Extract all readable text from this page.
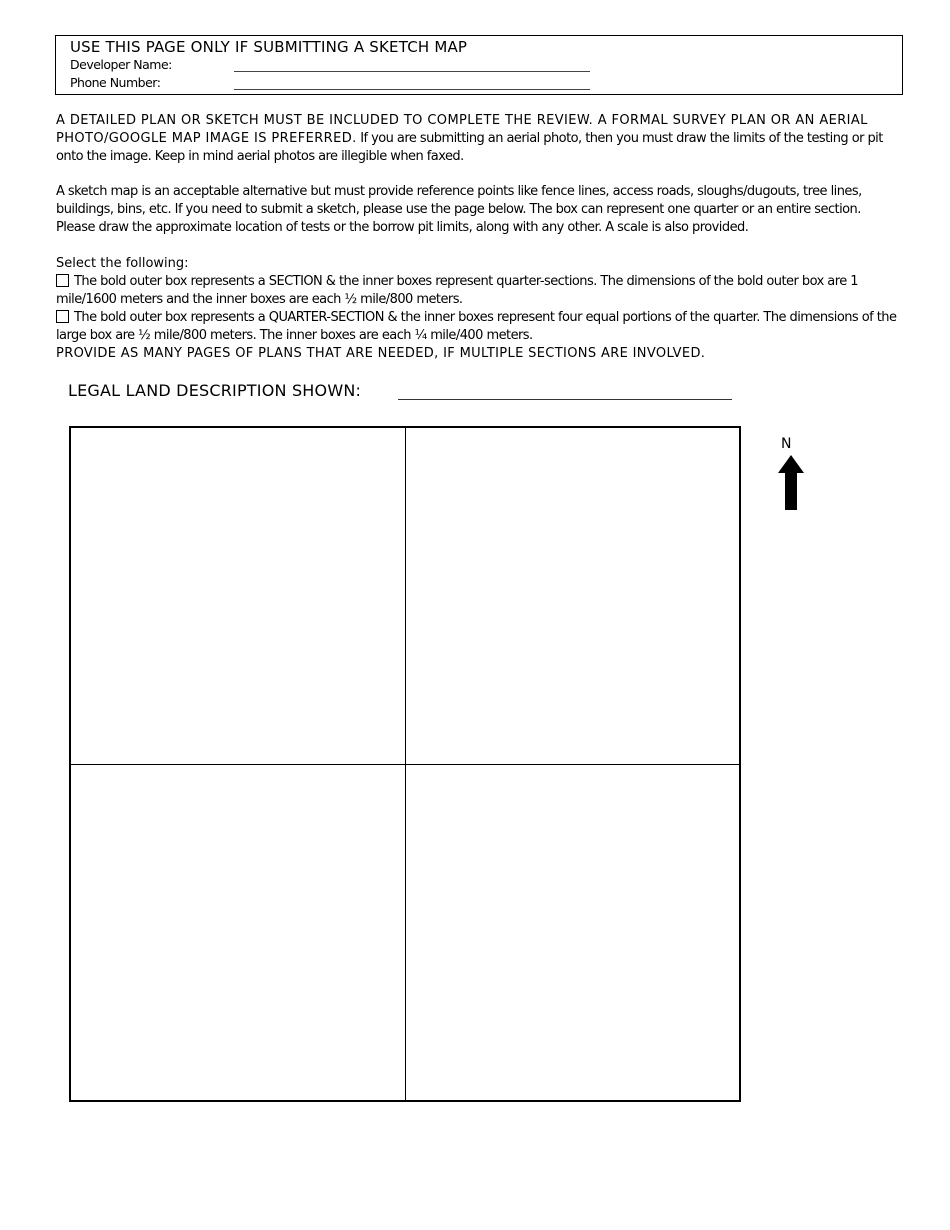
USE THIS PAGE ONLY IF SUBMITTING A SKETCH MAP
Developer Name:
Phone Number:
A DETAILED PLAN OR SKETCH MUST BE INCLUDED TO COMPLETE THE REVIEW. A FORMAL SURVEY PLAN OR AN AERIAL PHOTO/GOOGLE MAP IMAGE IS PREFERRED. If you are submitting an aerial photo, then you must draw the limits of the testing or pit onto the image. Keep in mind aerial photos are illegible when faxed.
A sketch map is an acceptable alternative but must provide reference points like fence lines, access roads, sloughs/dugouts, tree lines, buildings, bins, etc. If you need to submit a sketch, please use the page below. The box can represent one quarter or an entire section. Please draw the approximate location of tests or the borrow pit limits, along with any other. A scale is also provided.
Select the following:
The bold outer box represents a SECTION & the inner boxes represent quarter-sections. The dimensions of the bold outer box are 1 mile/1600 meters and the inner boxes are each ½ mile/800 meters.
The bold outer box represents a QUARTER-SECTION & the inner boxes represent four equal portions of the quarter. The dimensions of the large box are ½ mile/800 meters. The inner boxes are each ¼ mile/400 meters.
PROVIDE AS MANY PAGES OF PLANS THAT ARE NEEDED, IF MULTIPLE SECTIONS ARE INVOLVED.
LEGAL LAND DESCRIPTION SHOWN:
N
